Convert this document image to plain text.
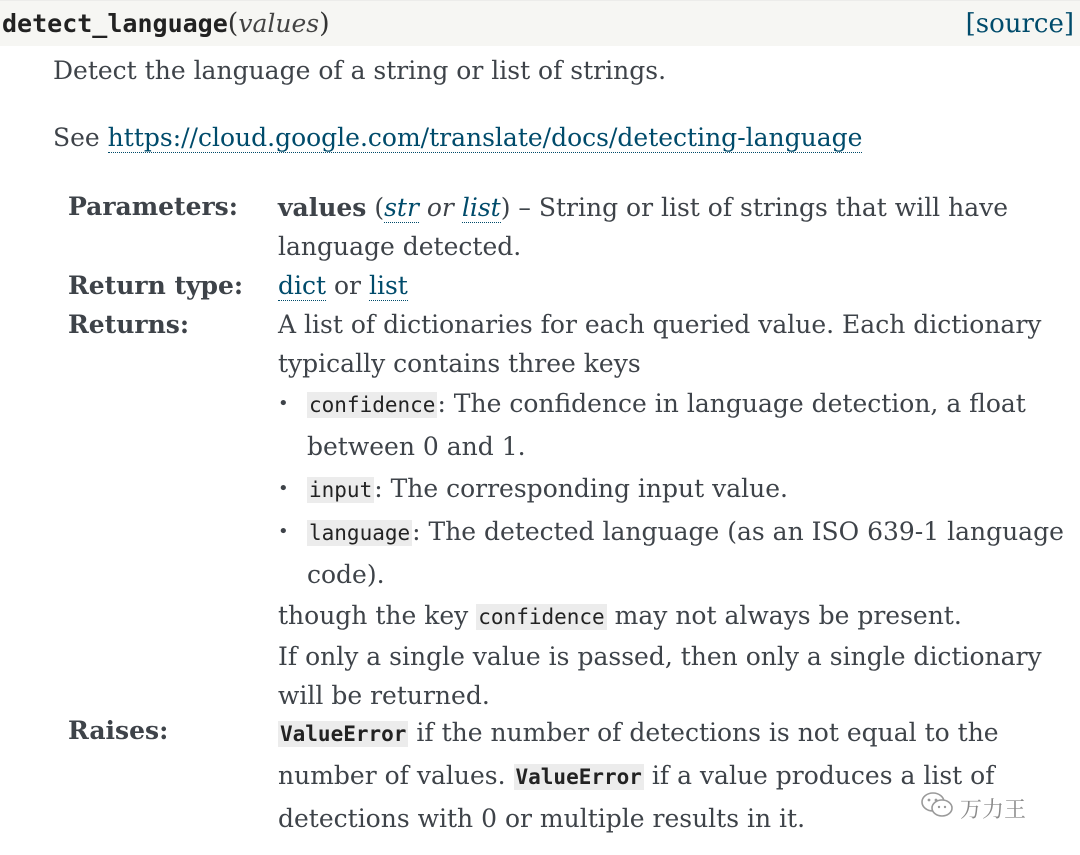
detect_language(values)	[source]
Detect the language of a string or list of strings.
See https://cloud.google.com/translate/docs/detecting-language
Parameters: values (str or list) – String or list of strings that will have
language detected.
Return type: dict or list
Returns:	A list of dictionaries for each queried value. Each dictionary
typically contains three keys
• confidence: The confidence in language detection, a float
between 0 and 1.
• input: The corresponding input value.
• language: The detected language (as an ISO 639-1 language
code).
though the key confidence may not always be present.
If only a single value is passed, then only a single dictionary
will be returned.
Raises:	ValueError if the number of detections is not equal to the
number of values. ValueError if a value produces a list of
detections with 0 or multiple results in it.	万力王
